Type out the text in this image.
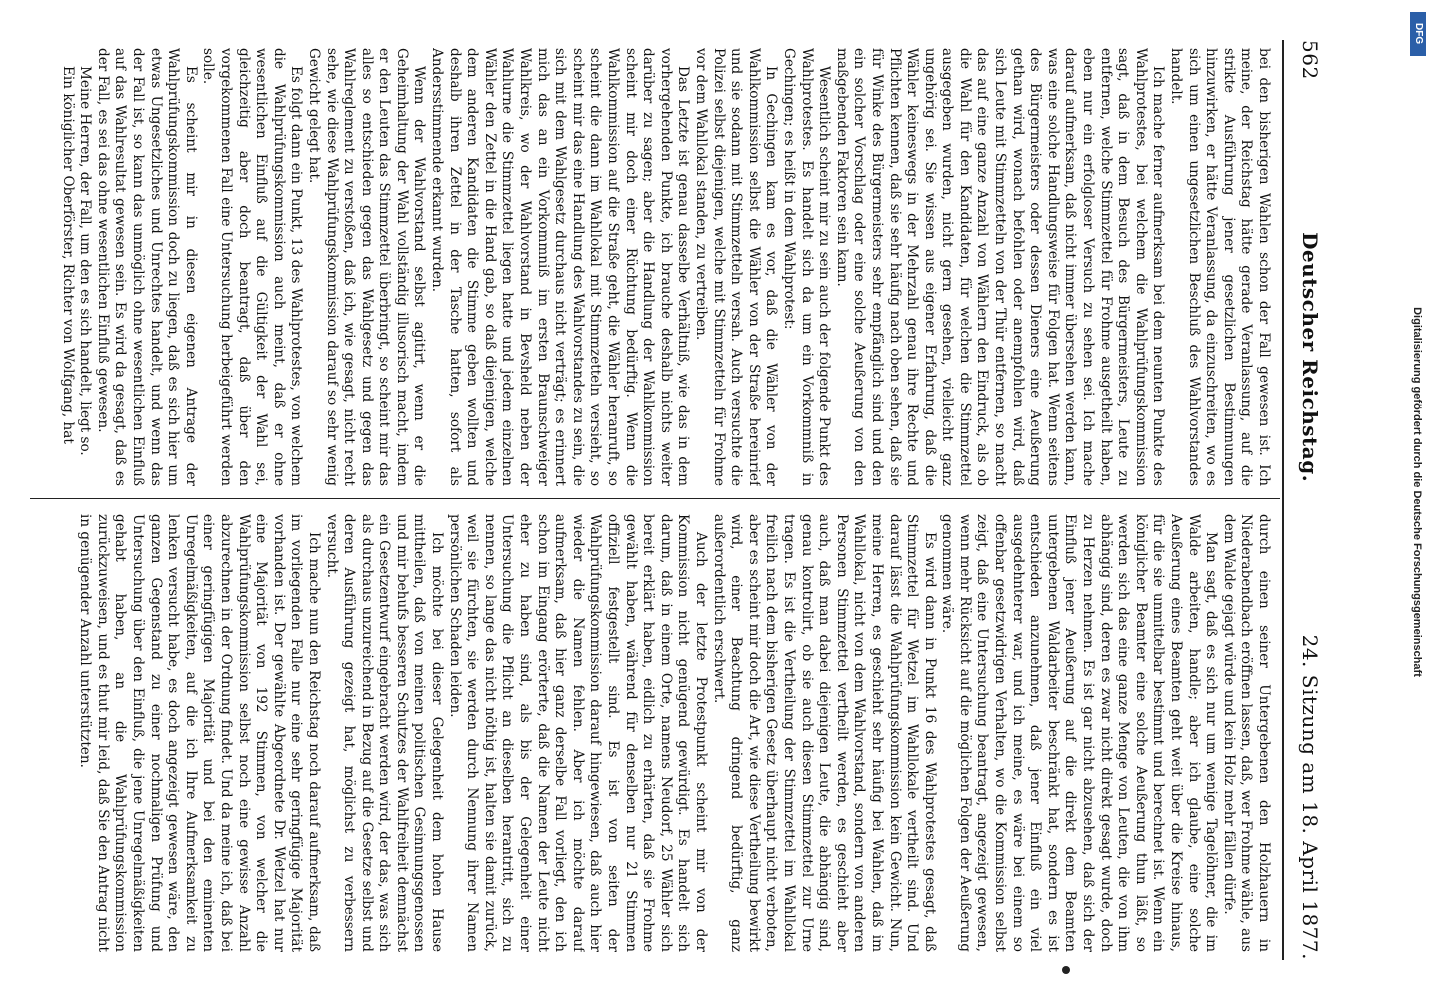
562
Deutscher Reichstag.
24. Sitzung am 18. April 1877.

bei den bisherigen Wahlen schon der Fall gewesen ist. Ich meine, der Reichstag hätte gerade Veranlassung, auf die strikte Ausführung jener gesetzlichen Bestimmungen hinzuwirken, er hätte Veranlassung, da einzuschreiten, wo es sich um einen ungesetzlichen Beschluß des Wahlvorstandes handelt.

Ich mache ferner aufmerksam bei dem neunten Punkte des Wahlprotestes, bei welchem die Wahlprüfungskommission sagt, daß in dem Besuch des Bürgermeisters, Leute zu entfernen, welche Stimmzettel für Frohme ausgetheilt haben, eben nur ein erfolgloser Versuch zu sehen sei. Ich mache darauf aufmerksam, daß nicht immer übersehen werden kann, was eine solche Handlungsweise für Folgen hat. Wenn seitens des Bürgermeisters oder dessen Dieners eine Aeußerung gethan wird, wonach befohlen oder anempfohlen wird, daß sich Leute mit Stimmzetteln von der Thür entfernen, so macht das auf eine ganze Anzahl von Wählern den Eindruck, als ob die Wahl für den Kandidaten, für welchen die Stimmzettel ausgegeben wurden, nicht gern gesehen, vielleicht ganz ungehörig sei. Sie wissen aus eigener Erfahrung, daß die Wähler keineswegs in der Mehrzahl genau ihre Rechte und Pflichten kennen, daß sie sehr häufig nach oben sehen, daß sie für Winke des Bürgermeisters sehr empfänglich sind und den ein solcher Vorschlag oder eine solche Aeußerung von den maßgebenden Faktoren sein kann.

Wesentlich scheint mir zu sein auch der folgende Punkt des Wahlprotestes. Es handelt sich da um ein Vorkommniß in Gechingen; es heißt in dem Wahlprotest:

In Gechingen kam es vor, daß die Wähler von der Wahlkommission selbst die Wähler von der Straße hereinrief und sie sodann mit Stimmzetteln versah. Auch versuchte die Polizei selbst diejenigen, welche mit Stimmzetteln für Frohme vor dem Wahllokal standen, zu vertreiben.

Das Letzte ist genau dasselbe Verhältniß, wie das in dem vorhergehenden Punkte, ich brauche deshalb nichts weiter darüber zu sagen; aber die Handlung der Wahlkommission scheint mir doch einer Rüchtung bedürftig. Wenn die Wahlkommission auf die Straße geht, die Wähler heranruft, so scheint die dann im Wahllokal mit Stimmzetteln versieht, so scheint mir das eine Handlung des Wahlvorstandes zu sein, die sich mit dem Wahlgesetz durchaus nicht verträgt; es erinnert mich das an ein Vorkommniß im ersten Braunschweiger Wahlkreis, wo der Wahlvorstand in Bevsheld neben der Wahlurne die Stimmzettel liegen hatte und jedem einzelnen Wähler den Zettel in die Hand gab, so daß diejenigen, welche dem anderen Kandidaten die Stimme geben wollten und deshalb ihren Zettel in der Tasche hatten, sofort als Andersstimmende erkannt wurden.

Wenn der Wahlvorstand selbst agitirt, wenn er die Geheimhaltung der Wahl vollständig illusorisch macht, indem er den Leuten das Stimmzettel überbringt, so scheint mir das alles so entschieden gegen das Wahlgesetz und gegen das Wahlreglement zu verstoßen, daß ich, wie gesagt, nicht recht sehe, wie diese Wahlprüfungskommission darauf so sehr wenig Gewicht gelegt hat.

Es folgt dann ein Punkt, 13 des Wahlprotestes, von welchem die Wahlprüfungskommission auch meint, daß er ohne wesentlichen Einfluß auf die Gültigkeit der Wahl sei, gleichzeitig aber doch beantragt, daß über den vorgekommenen Fall eine Untersuchung herbeigeführt werden solle.

Es scheint mir in diesen eigenen Antrage der Wahlprüfungskommission doch zu liegen, daß es sich hier um etwas Ungesetzliches und Unrechtes handelt, und wenn das der Fall ist, so kann das unmöglich ohne wesentlichen Einfluß auf das Wahlresultat gewesen sein. Es wird da gesagt, daß es der Fall, es sei das ohne wesentlichen Einfluß gewesen.

Meine Herren, der Fall, um den es sich handelt, liegt so.

Ein königlicher Oberförster, Richter von Wolfgang, hat

durch einen seiner Untergebenen den Holzhauern in Niederabendbach eröffnen lassen, daß, wer Frohme wähle, aus dem Walde gejagt würde und kein Holz mehr fällen dürfe.

Man sagt, daß es sich nur um wenige Tagelöhner, die im Walde arbeiten, handle; aber ich glaube, eine solche Aeußerung eines Beamten geht weit über die Kreise hinaus, für die sie unmittelbar bestimmt und berechnet ist. Wenn ein königlicher Beamter eine solche Aeußerung thun läßt, so werden sich das eine ganze Menge von Leuten, die von ihm abhängig sind, deren es zwar nicht direkt gesagt wurde, doch zu Herzen nehmen. Es ist gar nicht abzusehen, daß sich der Einfluß jener Aeußerung auf die direkt dem Beamten untergebenen Waldarbeiter beschränkt hat, sondern es ist entschieden anzunehmen, daß jener Einfluß ein viel ausgedehnterer war, und ich meine, es wäre bei einem so offenbar gesetzwidrigen Verhalten, wo die Kommission selbst zeigt, daß eine Untersuchung beantragt, angezeigt gewesen, wenn mehr Rücksicht auf die möglichen Folgen der Aeußerung genommen wäre.

Es wird dann in Punkt 16 des Wahlprotestes gesagt, daß Stimmzettel für Wetzel im Wahllokale vertheilt sind. Und darauf lässt die Wahlprüfungskommission kein Gewicht. Nun, meine Herren, es geschieht sehr häufig bei Wahlen, daß im Wahllokal, nicht von dem Wahlvorstand, sondern von anderen Personen Stimmzettel vertheilt werden, es geschieht aber auch, daß man dabei diejenigen Leute, die abhängig sind, genau kontrolirt, ob sie auch diesen Stimmzettel zur Urne tragen. Es ist die Vertheilung der Stimmzettel im Wahllokal freilich nach dem bisherigen Gesetz überhaupt nicht verboten, aber es scheint mir doch die Art, wie diese Vertheilung bewirkt wird, einer Beachtung dringend bedürftig, ganz außerordentlich erschwert.

Auch der letzte Protestpunkt scheint mir von der Kommission nicht genügend gewürdigt. Es handelt sich darum, daß in einem Orte, namens Neudorf, 25 Wähler sich bereit erklärt haben, eidlich zu erhärten, daß sie Frohme gewählt haben, während für denselben nur 21 Stimmen offiziell festgestellt sind. Es ist von seiten der Wahlprüfungskommission darauf hingewiesen, daß auch hier wieder die Namen fehlen. Aber ich möchte darauf aufmerksam, daß hier ganz derselbe Fall vorliegt, den ich schon im Eingang erörterte, daß die Namen der Leute nicht eher zu haben sind, als bis der Gelegenheit einer Untersuchung die Pflicht an dieselben herantritt, sich zu nennen, so lange das nicht nöthig ist, halten sie damit zurück, weil sie fürchten, sie werden durch Nennung ihrer Namen persönlichen Schaden leiden.

Ich möchte bei dieser Gelegenheit dem hohen Hause mittheilen, daß von meinen politischen Gesinnungsgenossen und mir behufs besseren Schutzes der Wahlfreiheit demnächst ein Gesetzentwurf eingebracht werden wird, der das, was sich als durchaus unzureichend in Bezug auf die Gesetze selbst und deren Ausführung gezeigt hat, möglichst zu verbessern versucht.

Ich mache nun den Reichstag noch darauf aufmerksam, daß im vorliegenden Falle nur eine sehr geringfügige Majorität vorhanden ist. Der gewählte Abgeordnete Dr. Wetzel hat nur eine Majorität von 192 Stimmen, von welcher die Wahlprüfungskommission selbst noch eine gewisse Anzahl abzurechnen in der Ordnung findet. Und da meine ich, daß bei einer geringfügigen Majorität und bei den eminenten Unregelmäßigkeiten, auf die ich Ihre Aufmerksamkeit zu lenken versucht habe, es doch angezeigt gewesen wäre, den ganzen Gegenstand zu einer nochmaligen Prüfung und Untersuchung über den Einfluß, die jene Unregelmäßigkeiten gehabt haben, an die Wahlprüfungskommission zurückzuweisen, und es thut mir leid, daß Sie den Antrag nicht in genügender Anzahl unterstützten.	Digitalisierung gefördert durch die Deutsche Forschungsgemeinschaft
DFG
